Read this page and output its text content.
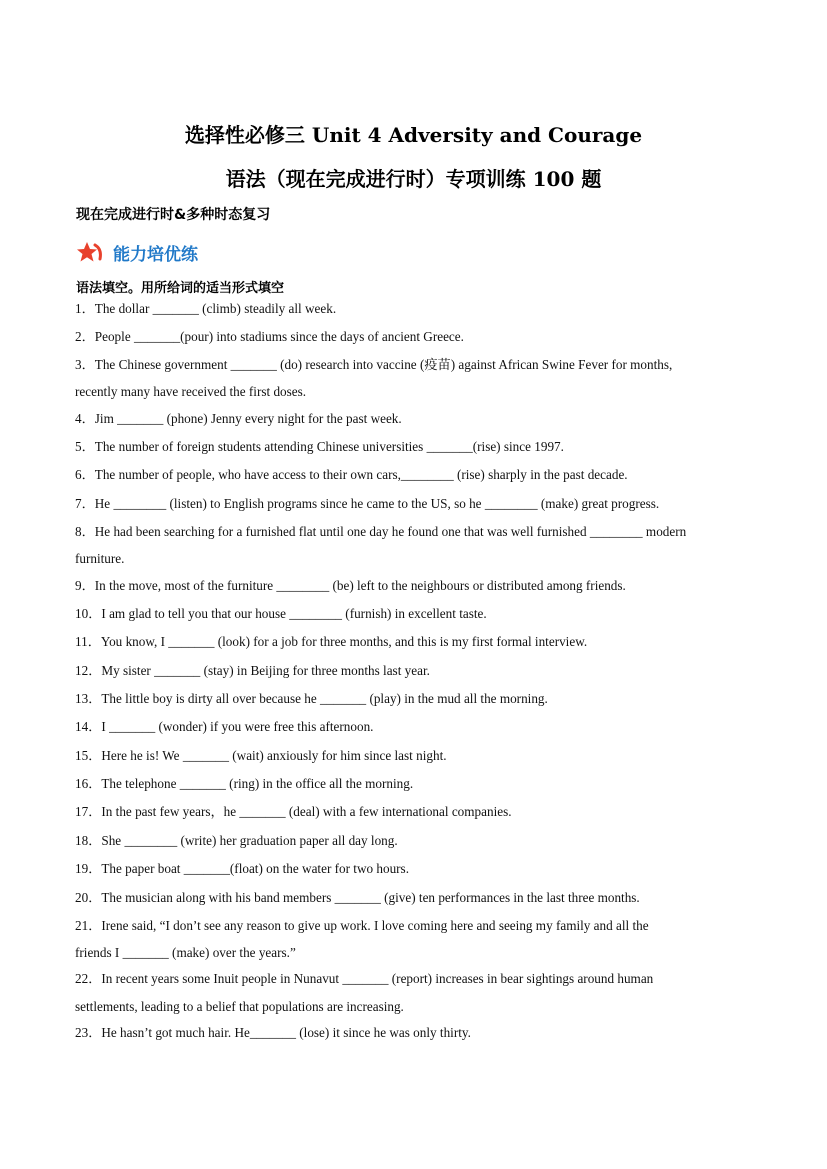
选择性必修三 Unit 4 Adversity and Courage
语法（现在完成进行时）专项训练 100 题
现在完成进行时&多种时态复习
能力培优练
语法填空。用所给词的适当形式填空
1．The dollar _______ (climb) steadily all week.
2．People _______(pour) into stadiums since the days of ancient Greece.
3．The Chinese government _______ (do) research into vaccine (疫苗) against African Swine Fever for months,
recently many have received the first doses.
4．Jim _______ (phone) Jenny every night for the past week.
5．The number of foreign students attending Chinese universities _______(rise) since 1997.
6．The number of people, who have access to their own cars,________ (rise) sharply in the past decade.
7．He ________ (listen) to English programs since he came to the US, so he ________ (make) great progress.
8．He had been searching for a furnished flat until one day he found one that was well furnished ________ modern
furniture.
9．In the move, most of the furniture ________ (be) left to the neighbours or distributed among friends.
10．I am glad to tell you that our house ________ (furnish) in excellent taste.
11．You know, I _______ (look) for a job for three months, and this is my first formal interview.
12．My sister _______ (stay) in Beijing for three months last year.
13．The little boy is dirty all over because he _______ (play) in the mud all the morning.
14．I _______ (wonder) if you were free this afternoon.
15．Here he is! We _______ (wait) anxiously for him since last night.
16．The telephone _______ (ring) in the office all the morning.
17．In the past few years，he _______ (deal) with a few international companies.
18．She ________ (write) her graduation paper all day long.
19．The paper boat _______(float) on the water for two hours.
20．The musician along with his band members _______ (give) ten performances in the last three months.
21．Irene said, “I don’t see any reason to give up work. I love coming here and seeing my family and all the
friends I _______ (make) over the years.”
22．In recent years some Inuit people in Nunavut _______ (report) increases in bear sightings around human
settlements, leading to a belief that populations are increasing.
23．He hasn’t got much hair. He_______ (lose) it since he was only thirty.
